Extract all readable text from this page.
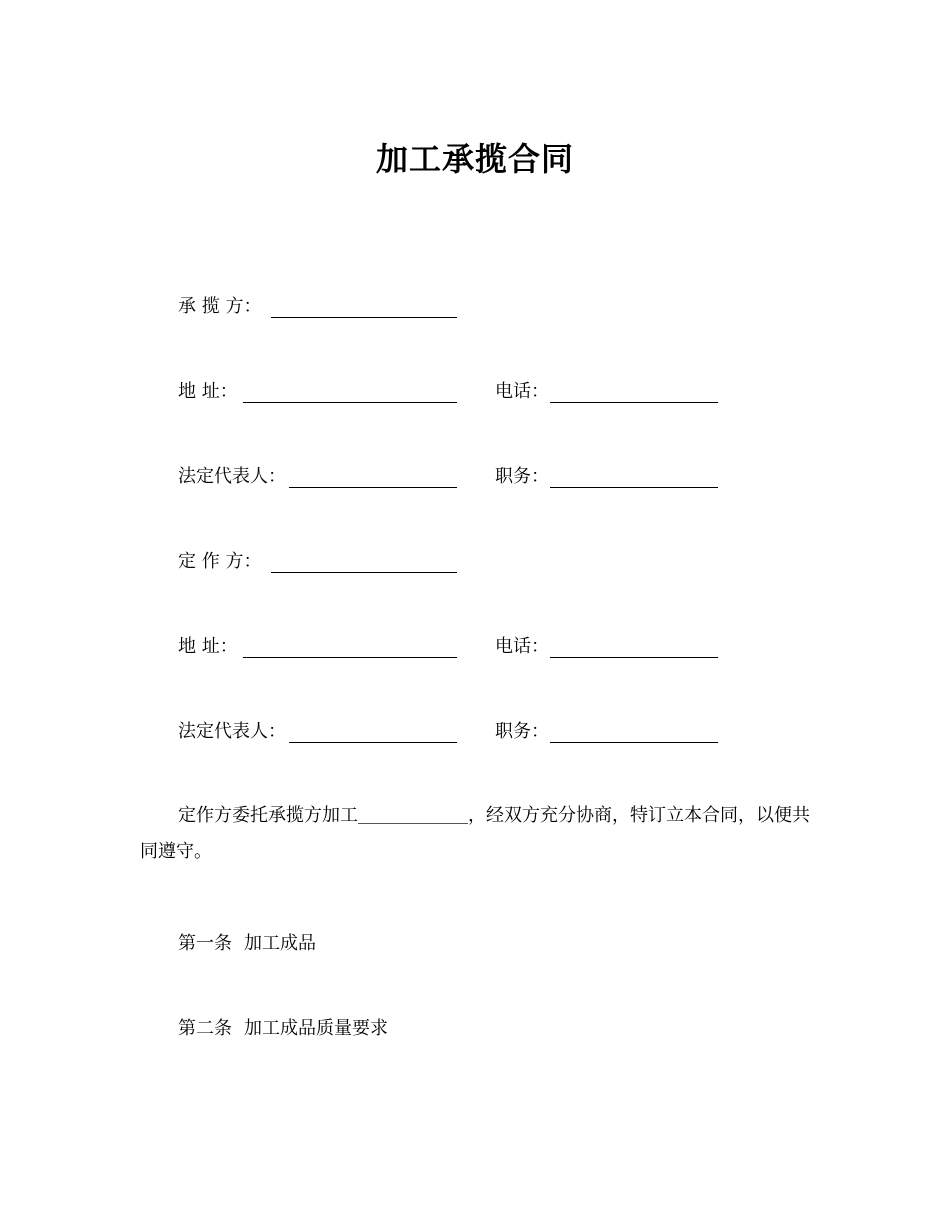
加工承揽合同
承 揽 方：
地 址：	电话：
法定代表人：	职务：
定 作 方：
地 址：	电话：
法定代表人：	职务：
定作方委托承揽方加工	，经双方充分协商，特订立本合同，以便共同遵守。
第一条 加工成品
第二条 加工成品质量要求
